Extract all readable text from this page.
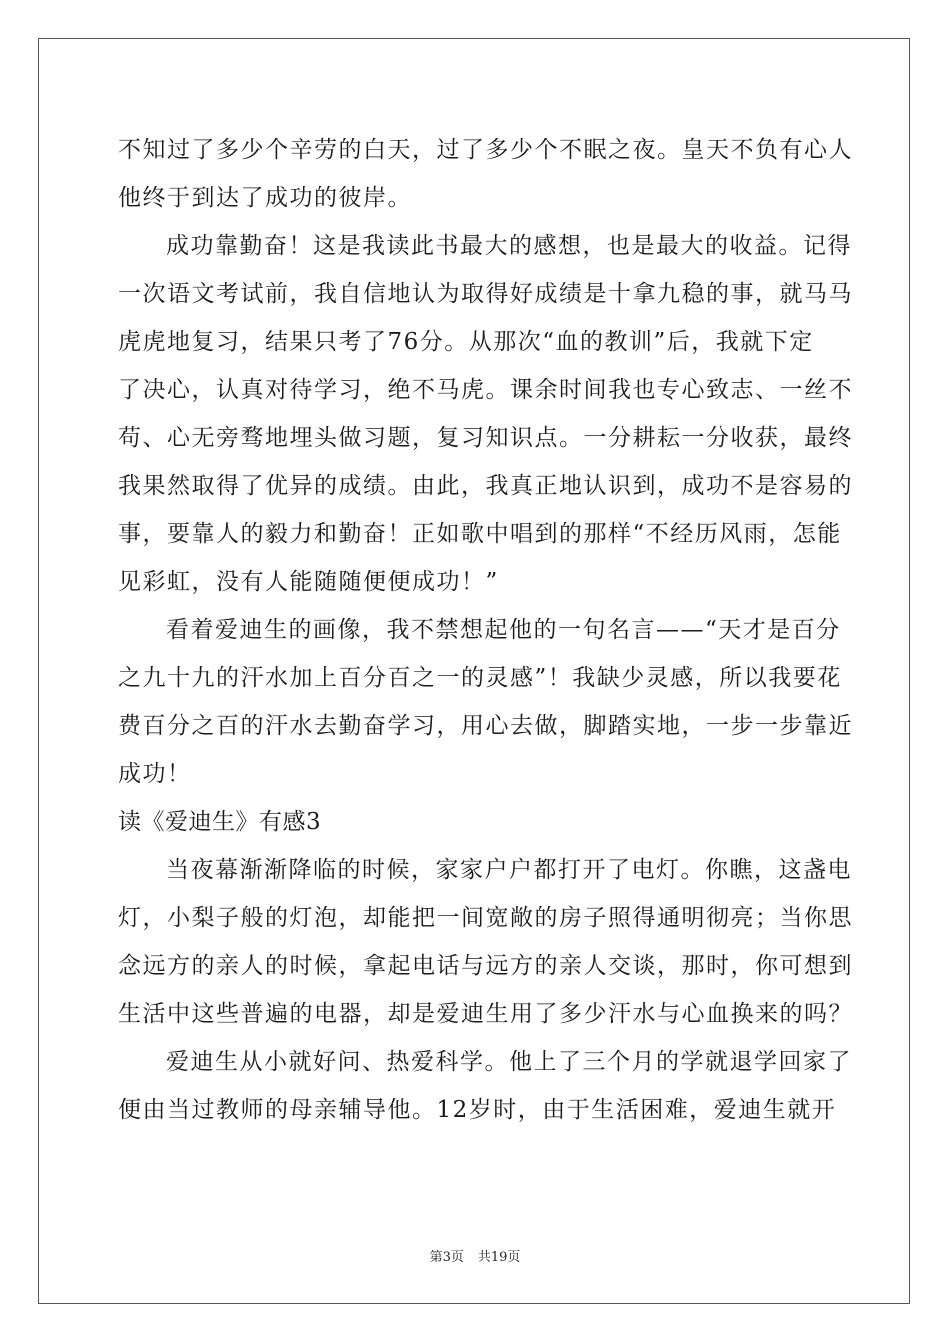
不知过了多少个辛劳的白天，过了多少个不眠之夜。皇天不负有心人
他终于到达了成功的彼岸。
成功靠勤奋！这是我读此书最大的感想，也是最大的收益。记得
一次语文考试前，我自信地认为取得好成绩是十拿九稳的事，就马马
虎虎地复习，结果只考了76分。从那次“血的教训”后，我就下定
了决心，认真对待学习，绝不马虎。课余时间我也专心致志、一丝不
苟、心无旁骛地埋头做习题，复习知识点。一分耕耘一分收获，最终
我果然取得了优异的成绩。由此，我真正地认识到，成功不是容易的
事，要靠人的毅力和勤奋！正如歌中唱到的那样“不经历风雨，怎能
见彩虹，没有人能随随便便成功！”
看着爱迪生的画像，我不禁想起他的一句名言——“天才是百分
之九十九的汗水加上百分百之一的灵感”！我缺少灵感，所以我要花
费百分之百的汗水去勤奋学习，用心去做，脚踏实地，一步一步靠近
成功！
读《爱迪生》有感3
当夜幕渐渐降临的时候，家家户户都打开了电灯。你瞧，这盏电
灯，小梨子般的灯泡，却能把一间宽敞的房子照得通明彻亮；当你思
念远方的亲人的时候，拿起电话与远方的亲人交谈，那时，你可想到
生活中这些普遍的电器，却是爱迪生用了多少汗水与心血换来的吗？
爱迪生从小就好问、热爱科学。他上了三个月的学就退学回家了
便由当过教师的母亲辅导他。12岁时，由于生活困难，爱迪生就开
第3页 共19页
